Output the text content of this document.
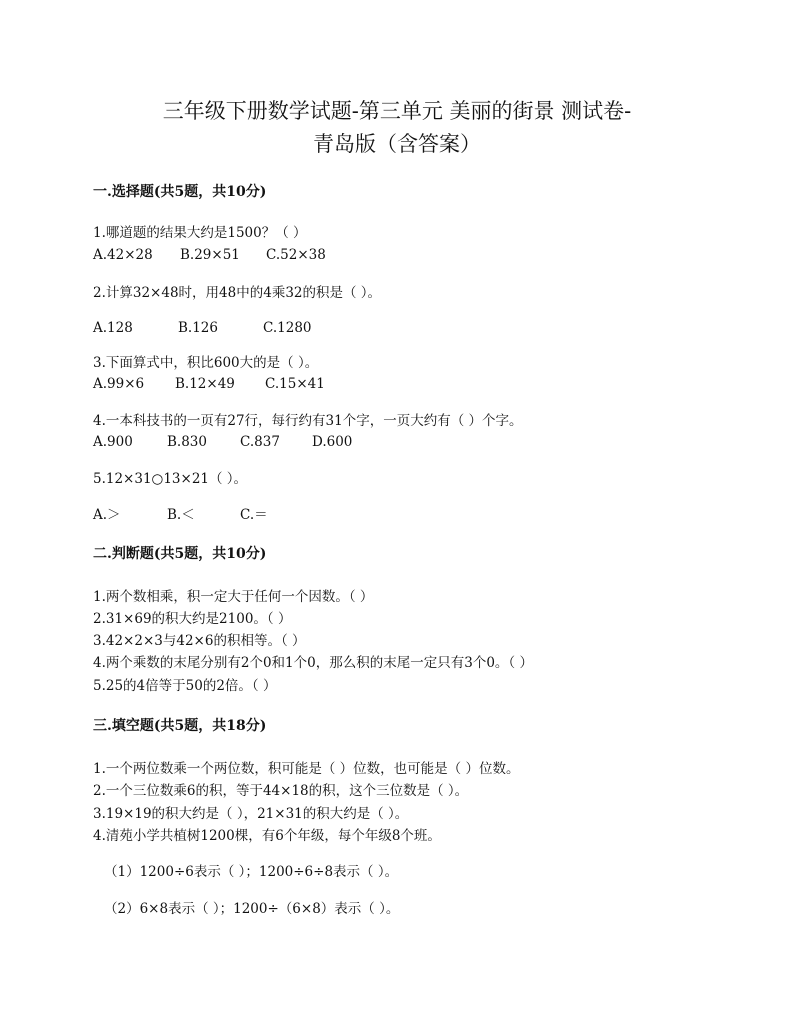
三年级下册数学试题-第三单元 美丽的街景 测试卷-
青岛版（含答案）
一.选择题(共5题，共10分)
1.哪道题的结果大约是1500？（ ）
A.42×28 B.29×51 C.52×38
2.计算32×48时，用48中的4乘32的积是（ ）。
A.128	B.126	C.1280
3.下面算式中，积比600大的是（ ）。
A.99×6 B.12×49 C.15×41
4.一本科技书的一页有27行，每行约有31个字，一页大约有（ ）个字。
A.900	B.830 C.837 D.600
5.12×31○13×21（ ）。
A.＞	B.＜	C.＝
二.判断题(共5题，共10分)
1.两个数相乘，积一定大于任何一个因数。（ ）
2.31×69的积大约是2100。（ ）
3.42×2×3与42×6的积相等。（ ）
4.两个乘数的末尾分别有2个0和1个0，那么积的末尾一定只有3个0。（ ）
5.25的4倍等于50的2倍。（ ）
三.填空题(共5题，共18分)
1.一个两位数乘一个两位数，积可能是（ ）位数，也可能是（ ）位数。
2.一个三位数乘6的积，等于44×18的积，这个三位数是（ ）。
3.19×19的积大约是（ ），21×31的积大约是（ ）。
4.清苑小学共植树1200棵，有6个年级，每个年级8个班。
（1）1200÷6表示（ ）；1200÷6÷8表示（ ）。
（2）6×8表示（ ）；1200÷（6×8）表示（ ）。
